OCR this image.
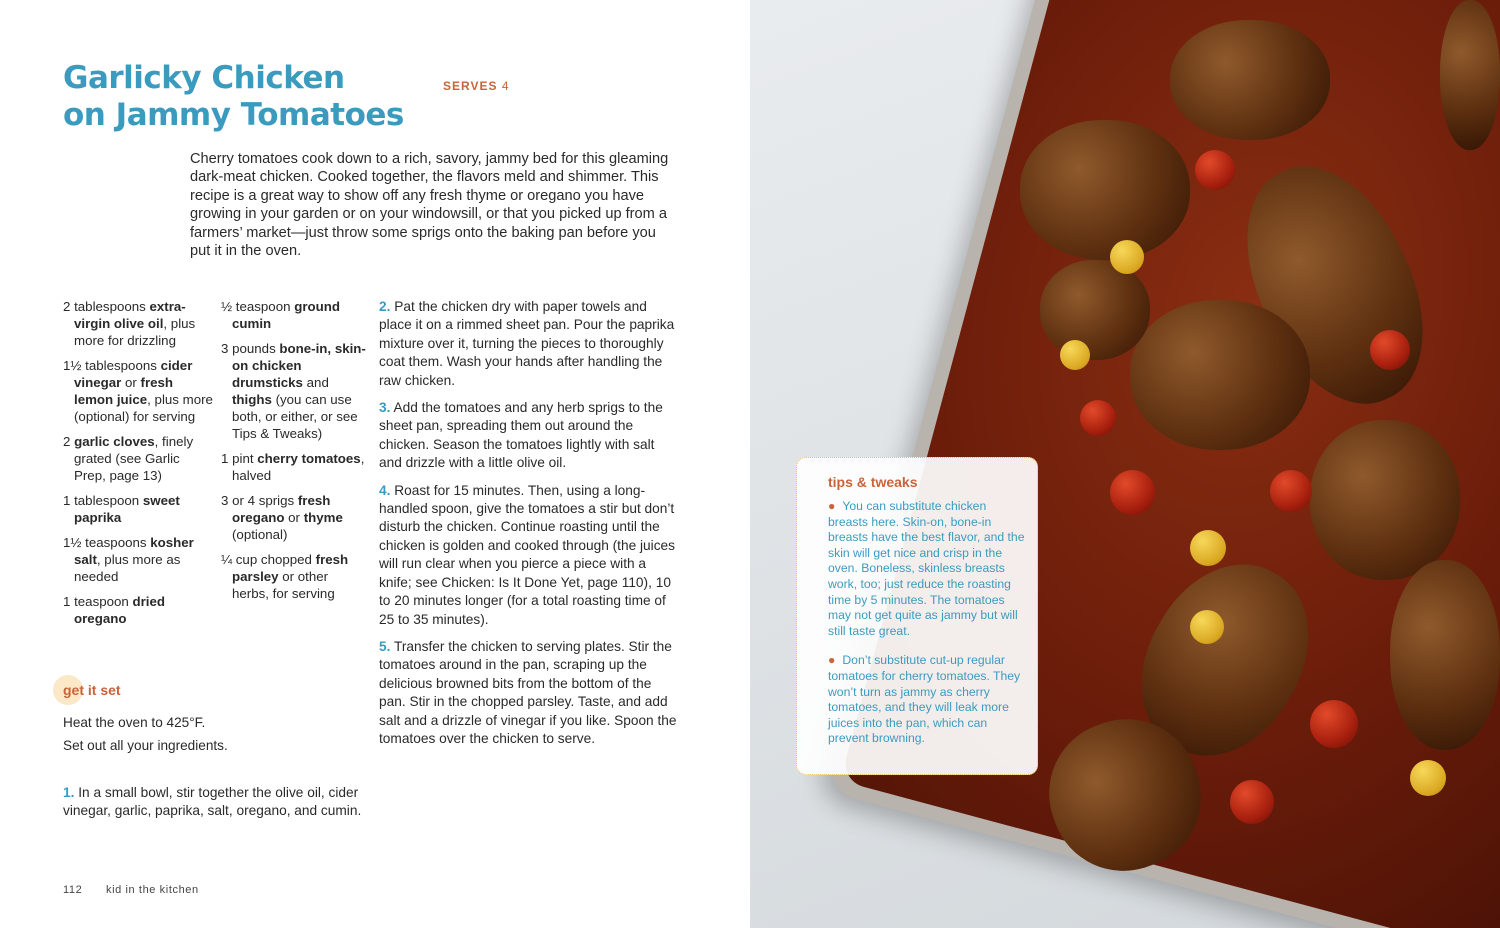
Garlicky Chicken
on Jammy Tomatoes
SERVES 4

Cherry tomatoes cook down to a rich, savory, jammy bed for this gleaming dark-meat chicken. Cooked together, the flavors meld and shimmer. This recipe is a great way to show off any fresh thyme or oregano you have growing in your garden or on your windowsill, or that you picked up from a farmers’ market—just throw some sprigs onto the baking pan before you put it in the oven.

2 tablespoons extra-virgin olive oil, plus more for drizzling

1½ tablespoons cider vinegar or fresh lemon juice, plus more (optional) for serving

2 garlic cloves, finely grated (see Garlic Prep, page 13)

1 tablespoon sweet paprika

1½ teaspoons kosher salt, plus more as needed

1 teaspoon dried oregano

½ teaspoon ground cumin

3 pounds bone-in, skin-on chicken drumsticks and thighs (you can use both, or either, or see Tips & Tweaks)

1 pint cherry tomatoes, halved

3 or 4 sprigs fresh oregano or thyme (optional)

¼ cup chopped fresh parsley or other herbs, for serving

2. Pat the chicken dry with paper towels and place it on a rimmed sheet pan. Pour the paprika mixture over it, turning the pieces to thoroughly coat them. Wash your hands after handling the raw chicken.

3. Add the tomatoes and any herb sprigs to the sheet pan, spreading them out around the chicken. Season the tomatoes lightly with salt and drizzle with a little olive oil.

4. Roast for 15 minutes. Then, using a long-handled spoon, give the tomatoes a stir but don’t disturb the chicken. Continue roasting until the chicken is golden and cooked through (the juices will run clear when you pierce a piece with a knife; see Chicken: Is It Done Yet, page 110), 10 to 20 minutes longer (for a total roasting time of 25 to 35 minutes).

5. Transfer the chicken to serving plates. Stir the tomatoes around in the pan, scraping up the delicious browned bits from the bottom of the pan. Stir in the chopped parsley. Taste, and add salt and a drizzle of vinegar if you like. Spoon the tomatoes over the chicken to serve.

get it set
Heat the oven to 425°F.
Set out all your ingredients.

1. In a small bowl, stir together the olive oil, cider vinegar, garlic, paprika, salt, oregano, and cumin.

112 kid in the kitchen
tips & tweaks

● You can substitute chicken breasts here. Skin-on, bone-in breasts have the best flavor, and the skin will get nice and crisp in the oven. Boneless, skinless breasts work, too; just reduce the roasting time by 5 minutes. The tomatoes may not get quite as jammy but will still taste great.

● Don’t substitute cut-up regular tomatoes for cherry tomatoes. They won’t turn as jammy as cherry tomatoes, and they will leak more juices into the pan, which can prevent browning.
